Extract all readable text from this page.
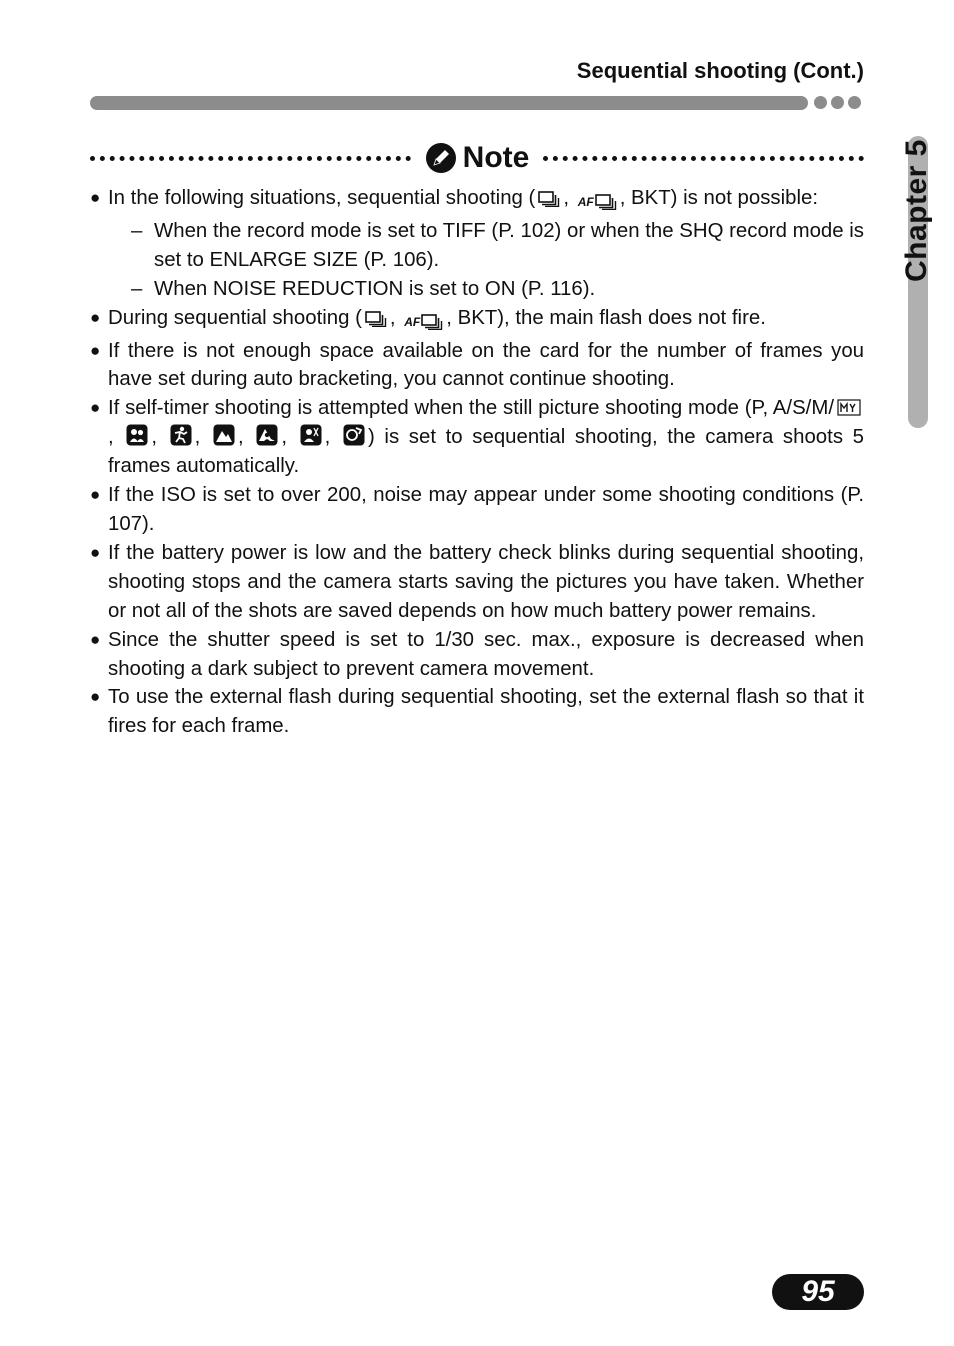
Sequential shooting (Cont.)
Chapter 5
Note
● In the following situations, sequential shooting ( , AF , BKT) is not possible:
– When the record mode is set to TIFF (P. 102) or when the SHQ record mode is set to ENLARGE SIZE (P. 106).
– When NOISE REDUCTION is set to ON (P. 116).
● During sequential shooting ( , AF , BKT), the main flash does not fire.
● If there is not enough space available on the card for the number of frames you have set during auto bracketing, you cannot continue shooting.
● If self-timer shooting is attempted when the still picture shooting mode (P, A/S/M/, , , , , , ) is set to sequential shooting, the camera shoots 5 frames automatically.
● If the ISO is set to over 200, noise may appear under some shooting conditions (P. 107).
● If the battery power is low and the battery check blinks during sequential shooting, shooting stops and the camera starts saving the pictures you have taken. Whether or not all of the shots are saved depends on how much battery power remains.
● Since the shutter speed is set to 1/30 sec. max., exposure is decreased when shooting a dark subject to prevent camera movement.
● To use the external flash during sequential shooting, set the external flash so that it fires for each frame.
95
